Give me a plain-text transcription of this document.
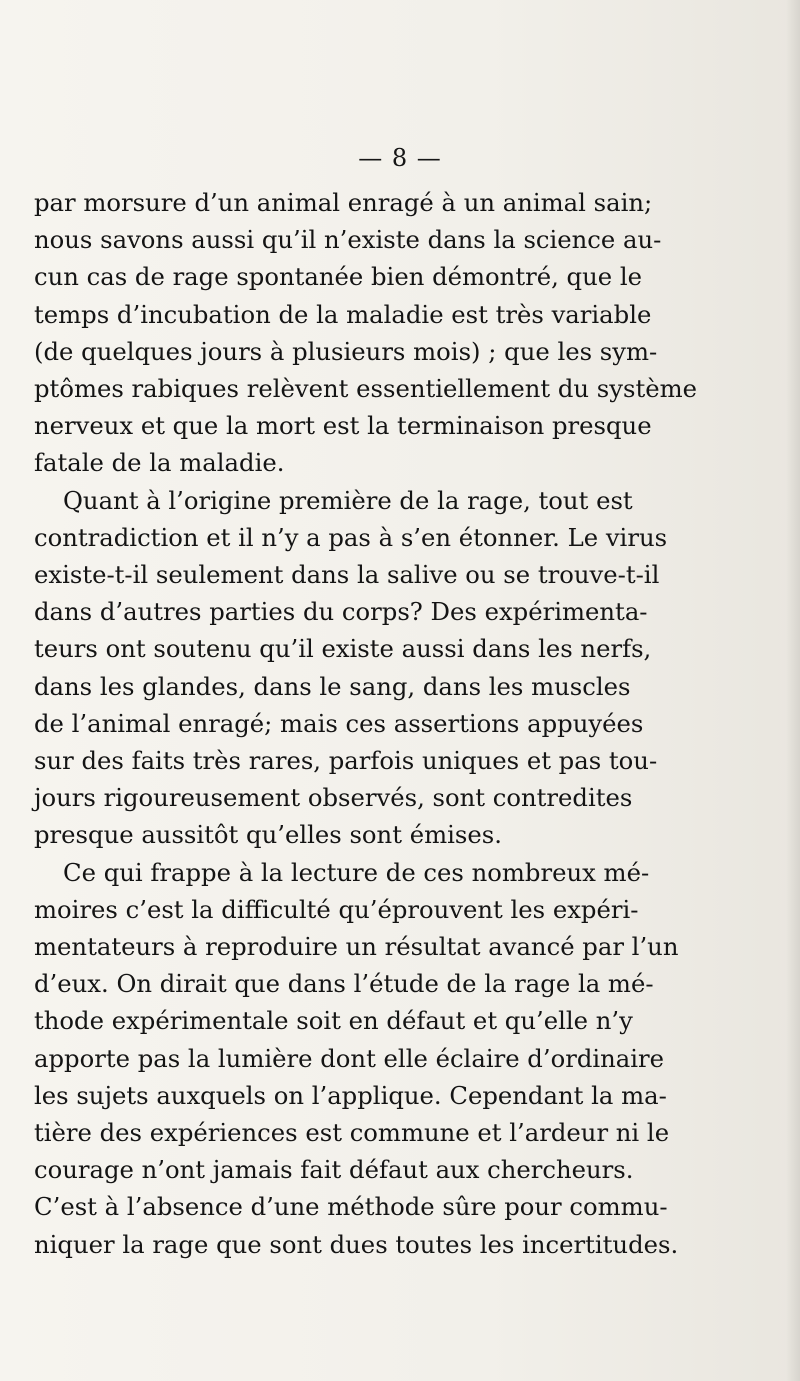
— 8 —
par morsure d’un animal enragé à un animal sain;
nous savons aussi qu’il n’existe dans la science au-
cun cas de rage spontanée bien démontré, que le
temps d’incubation de la maladie est très variable
(de quelques jours à plusieurs mois) ; que les sym-
ptômes rabiques relèvent essentiellement du système
nerveux et que la mort est la terminaison presque
fatale de la maladie.
Quant à l’origine première de la rage, tout est
contradiction et il n’y a pas à s’en étonner. Le virus
existe-t-il seulement dans la salive ou se trouve-t-il
dans d’autres parties du corps? Des expérimenta-
teurs ont soutenu qu’il existe aussi dans les nerfs,
dans les glandes, dans le sang, dans les muscles
de l’animal enragé; mais ces assertions appuyées
sur des faits très rares, parfois uniques et pas tou-
jours rigoureusement observés, sont contredites
presque aussitôt qu’elles sont émises.
Ce qui frappe à la lecture de ces nombreux mé-
moires c’est la difficulté qu’éprouvent les expéri-
mentateurs à reproduire un résultat avancé par l’un
d’eux. On dirait que dans l’étude de la rage la mé-
thode expérimentale soit en défaut et qu’elle n’y
apporte pas la lumière dont elle éclaire d’ordinaire
les sujets auxquels on l’applique. Cependant la ma-
tière des expériences est commune et l’ardeur ni le
courage n’ont jamais fait défaut aux chercheurs.
C’est à l’absence d’une méthode sûre pour commu-
niquer la rage que sont dues toutes les incertitudes.
